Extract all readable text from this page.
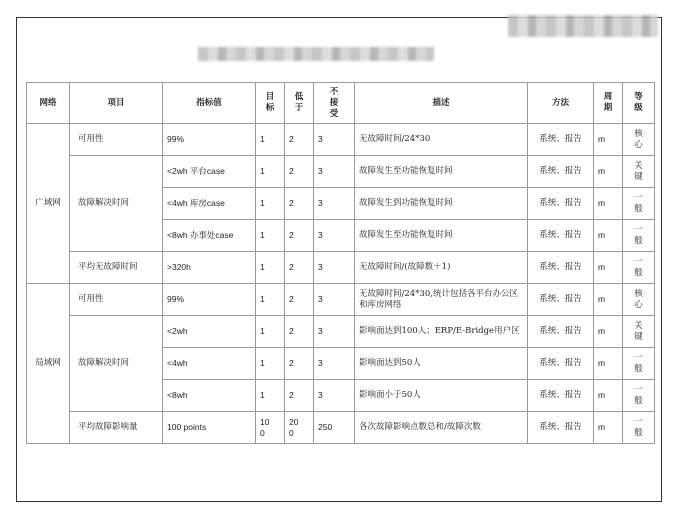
网络	项目	指标值	目标	低于	不接受	描述	方法	周期	等级

广域网	可用性	99%	1	2	3	无故障时间/24*30	系统、报告	m	核心

	故障解决时间	<2wh 平台case	1	2	3	故障发生至功能恢复时间	系统、报告	m	关键

		<4wh 库房case	1	2	3	故障发生到功能恢复时间	系统、报告	m	一般

		<8wh 办事处case	1	2	3	故障发生至功能恢复时间	系统、报告	m	一般

	平均无故障时间	>320h	1	2	3	无故障时间/(故障数＋1)	系统、报告	m	一般

局域网	可用性	99%	1	2	3	无故障时间/24*30,统计包括各平台办公区和库房网络	系统、报告	m	核心

	故障解决时间	<2wh	1	2	3	影响面达到100人；ERP/E-Bridge用户区	系统、报告	m	关键

		<4wh	1	2	3	影响面达到50人	系统、报告	m	一般

		<8wh	1	2	3	影响面小于50人	系统、报告	m	一般

	平均故障影响量	100 points	100	200	250	各次故障影响点数总和/故障次数	系统、报告	m	一般
